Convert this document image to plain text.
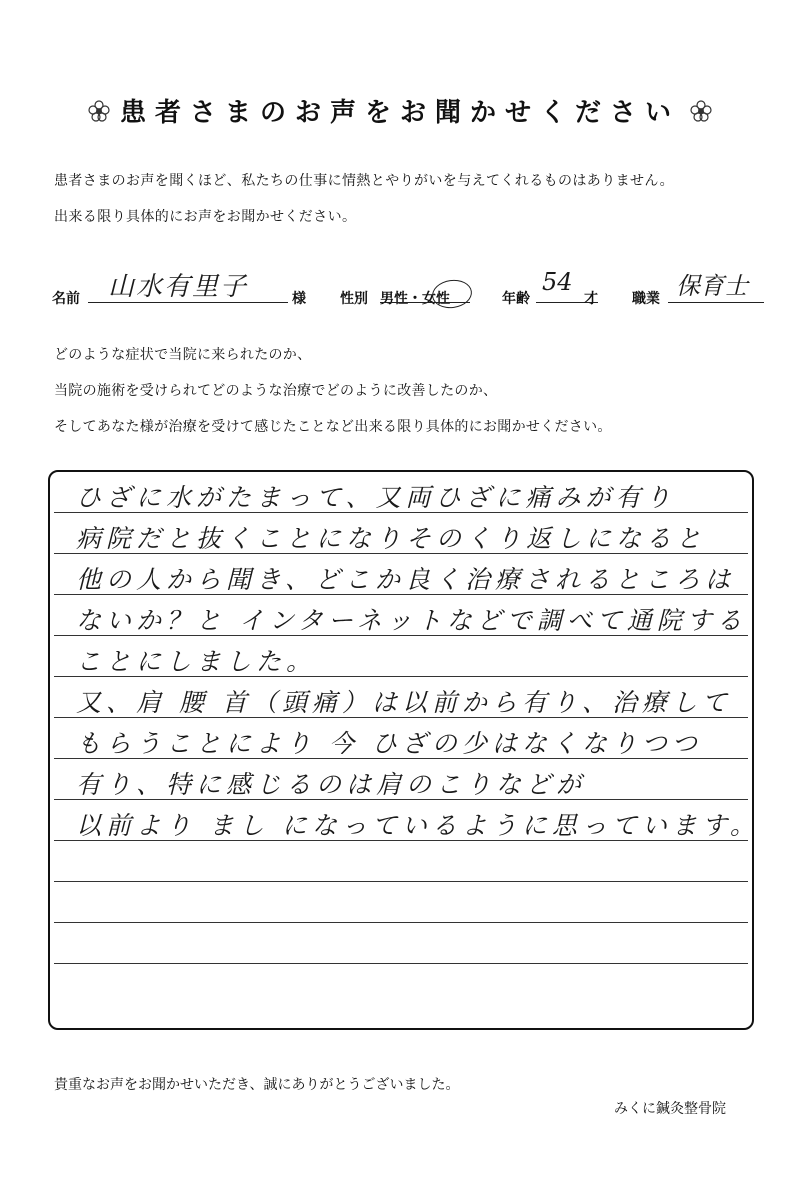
患者さまのお声をお聞かせください
患者さまのお声を聞くほど、私たちの仕事に情熱とやりがいを与えてくれるものはありません。
出来る限り具体的にお声をお聞かせください。
名前 山水有里子	様 性別 男性・女性	年齢
54
才 職業 保育士
どのような症状で当院に来られたのか、
当院の施術を受けられてどのような治療でどのように改善したのか、
そしてあなた様が治療を受けて感じたことなど出来る限り具体的にお聞かせください。
ひざに水がたまって、又両ひざに痛みが有り
病院だと抜くことになりそのくり返しになると
他の人から聞き、どこか良く治療されるところは
ないか？と インターネットなどで調べて通院する
ことにしました。
又、肩 腰 首（頭痛）は以前から有り、治療して
もらうことにより 今 ひざの少はなくなりつつ
有り、特に感じるのは肩のこりなどが
以前より まし になっているように思っています。
貴重なお声をお聞かせいただき、誠にありがとうございました。
みくに鍼灸整骨院
